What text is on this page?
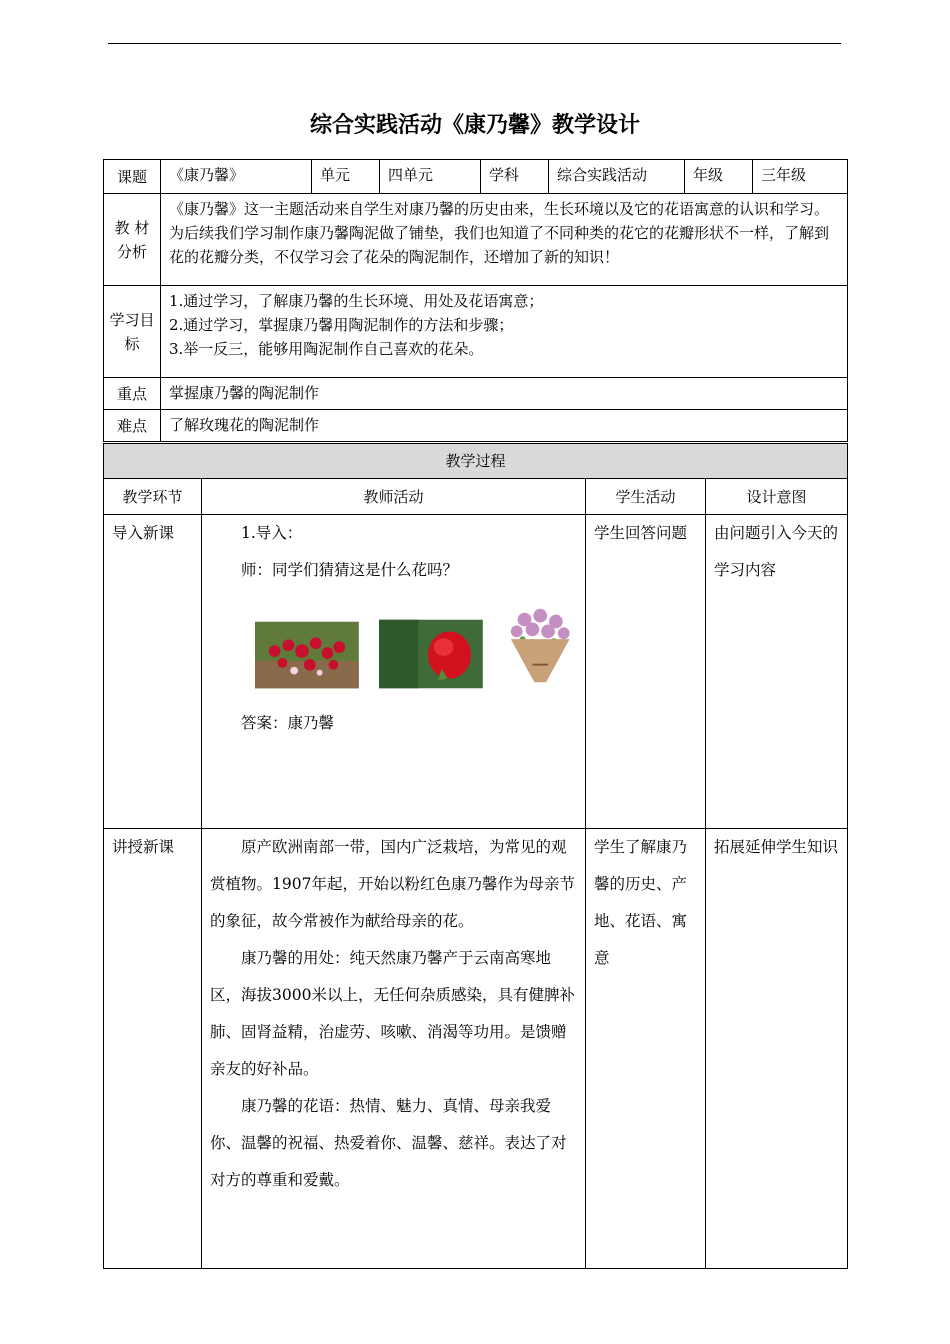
综合实践活动《康乃馨》教学设计
课题	《康乃馨》	单元	四单元	学科	综合实践活动	年级	三年级
教 材分析	《康乃馨》这一主题活动来自学生对康乃馨的历史由来，生长环境以及它的花语寓意的认识和学习。为后续我们学习制作康乃馨陶泥做了铺垫，我们也知道了不同种类的花它的花瓣形状不一样，了解到花的花瓣分类，不仅学习会了花朵的陶泥制作，还增加了新的知识！						
学习目标	1.通过学习，了解康乃馨的生长环境、用处及花语寓意；
2.通过学习，掌握康乃馨用陶泥制作的方法和步骤；
3.举一反三，能够用陶泥制作自己喜欢的花朵。						

重点	掌握康乃馨的陶泥制作						
难点	了解玫瑰花的陶泥制作						
教学过程			
教学环节	教师活动	学生活动	设计意图

导入新课	1.导入：

师：同学们猜猜这是什么花吗？

答案：康乃馨	学生回答问题	由问题引入今天的学习内容

讲授新课	原产欧洲南部一带，国内广泛栽培，为常见的观赏植物。1907年起，开始以粉红色康乃馨作为母亲节的象征，故今常被作为献给母亲的花。

康乃馨的用处：纯天然康乃馨产于云南高寒地区，海拔3000米以上，无任何杂质感染，具有健脾补肺、固肾益精，治虚劳、咳嗽、消渴等功用。是馈赠亲友的好补品。

康乃馨的花语：热情、魅力、真情、母亲我爱你、温馨的祝福、热爱着你、温馨、慈祥。表达了对对方的尊重和爱戴。	学生了解康乃馨的历史、产地、花语、寓意	拓展延伸学生知识
